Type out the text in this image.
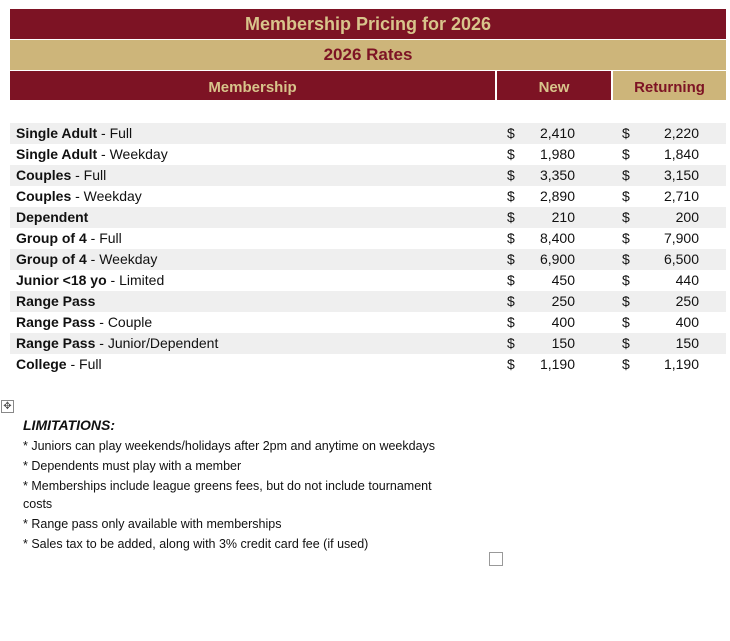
Membership Pricing for 2026
2026 Rates
Membership	New	Returning
Single Adult - Full	$	2,410	$	2,220
Single Adult - Weekday	$	1,980	$	1,840
Couples - Full	$	3,350	$	3,150
Couples - Weekday	$	2,890	$	2,710
Dependent	$	210	$	200
Group of 4 - Full	$	8,400	$	7,900
Group of 4 - Weekday	$	6,900	$	6,500
Junior <18 yo - Limited	$	450	$	440
Range Pass	$	250	$	250
Range Pass - Couple	$	400	$	400
Range Pass - Junior/Dependent	$	150	$	150
College - Full	$	1,190	$	1,190
✥
LIMITATIONS:
* Juniors can play weekends/holidays after 2pm and anytime on weekdays
* Dependents must play with a member
* Memberships include league greens fees, but do not include tournament costs
* Range pass only available with memberships
* Sales tax to be added, along with 3% credit card fee (if used)
